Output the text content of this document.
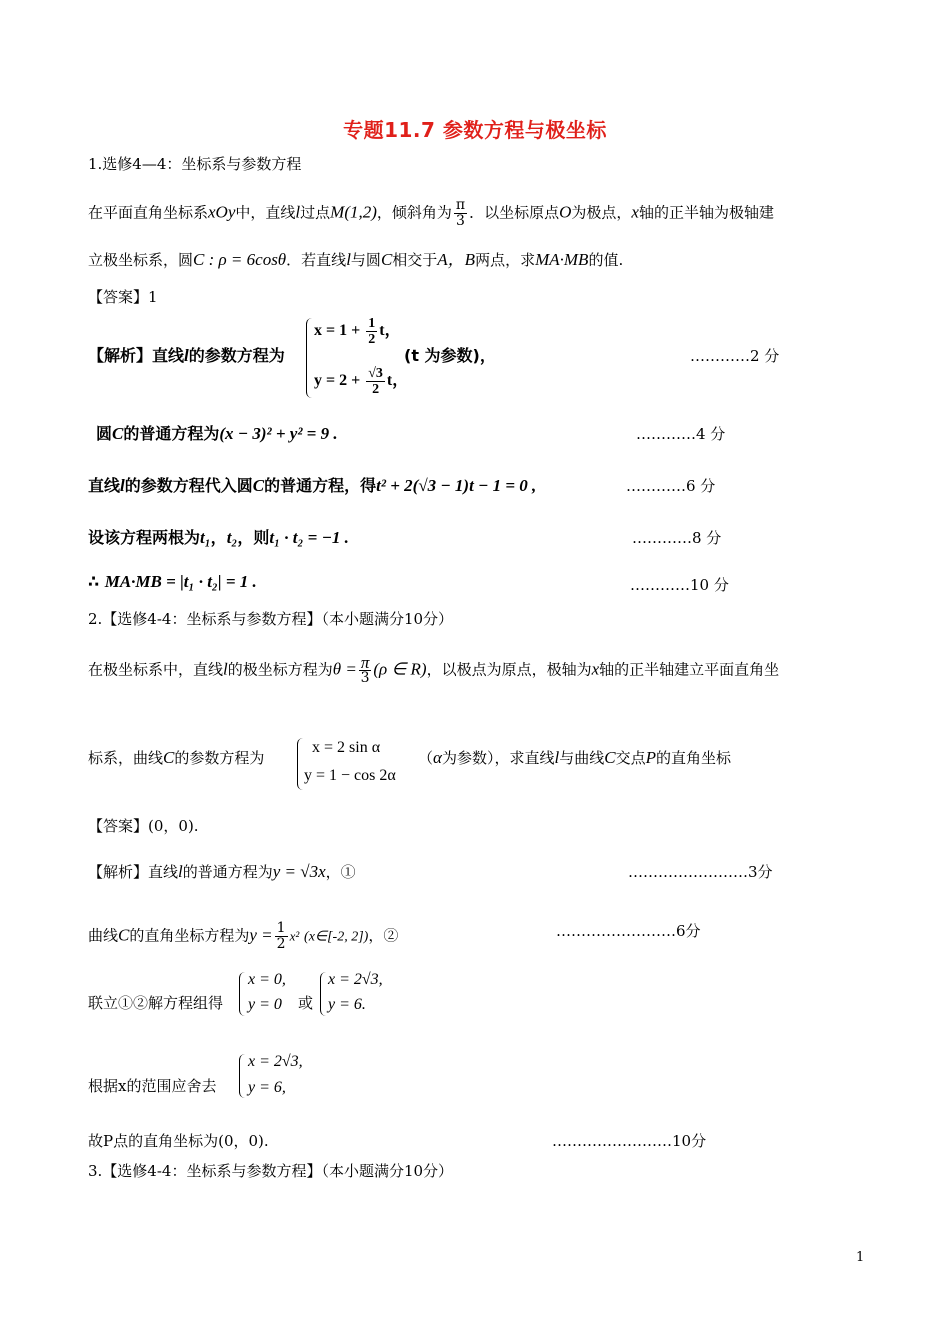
专题11.7 参数方程与极坐标
1.选修4—4：坐标系与参数方程
在平面直角坐标系xOy中，直线l过点M(1,2)，倾斜角为 $\frac{\pi}{3}$ ．以坐标原点O为极点，x轴的正半轴为极轴建
立极坐标系，圆C : ρ = 6cosθ．若直线l与圆C相交于A，B两点，求MA·MB的值.
【答案】1
【解析】直线l的参数方程为
$x = 1 + \frac{1}{2}$ t，
$y = 2 + \frac{√3}{2}$ t，
(t 为参数)，	…………2 分
圆C的普通方程为(x − 3)² + y² = 9 .	…………4 分
直线l的参数方程代入圆C的普通方程，得t² + 2(√3 − 1)t − 1 = 0 ,	…………6 分
设该方程两根为t₁，t₂，则t₁ · t₂ = −1 .	…………8 分
∴ MA·MB = |t₁ · t₂| = 1 .	…………10 分
2.【选修4-4：坐标系与参数方程】（本小题满分10分）
在极坐标系中，直线l的极坐标方程为$\theta = \frac{\pi}{3} (\rho$ ∈ R)，以极点为原点，极轴为x轴的正半轴建立平面直角坐
标系，曲线C的参数方程为
x = 2 sin α
y = 1 − cos 2α
（α为参数），求直线l与曲线C交点P的直角坐标
【答案】(0，0).
【解析】直线l的普通方程为y = √3x，①	……………………3分
曲线C的直角坐标方程为$y = \frac{1}{2} x^2$ (x∈[-2, 2])，②	……………………6分
联立①②解方程组得
x = 0,
y = 0 或
x = 2√3,
y = 6.
根据x的范围应舍去
x = 2√3,
y = 6,
故P点的直角坐标为(0，0).	……………………10分
3.【选修4-4：坐标系与参数方程】（本小题满分10分）
1
